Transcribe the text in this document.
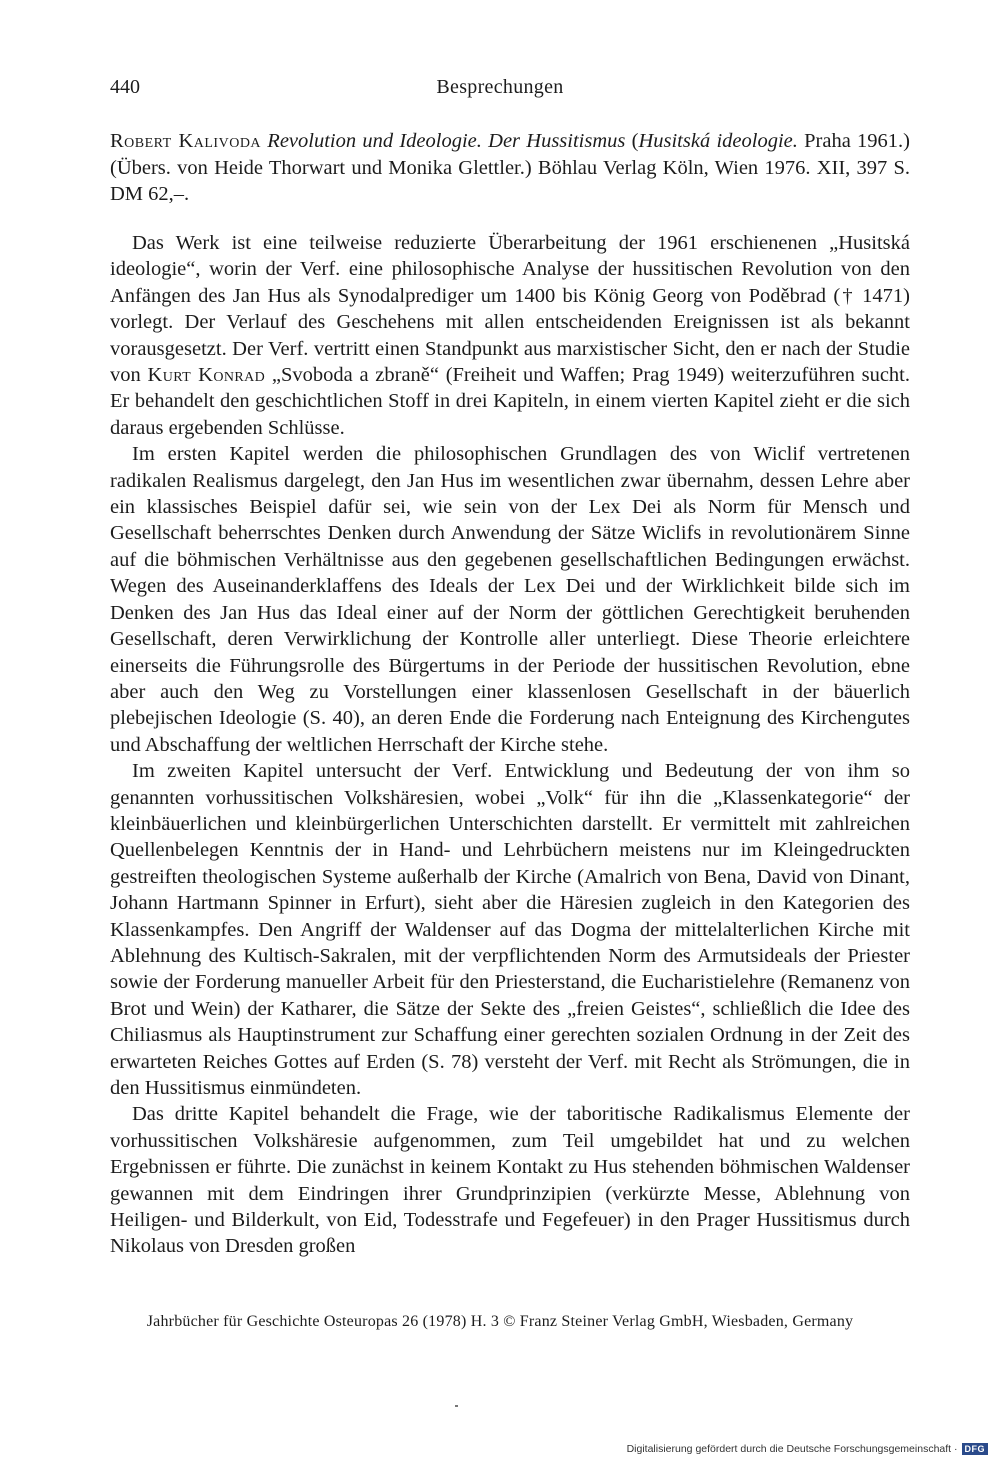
440	Besprechungen
Robert Kalivoda Revolution und Ideologie. Der Hussitismus (Husitská ideologie. Praha 1961.) (Übers. von Heide Thorwart und Monika Glettler.) Böhlau Verlag Köln, Wien 1976. XII, 397 S. DM 62,–.

Das Werk ist eine teilweise reduzierte Überarbeitung der 1961 erschienenen „Husitská ideologie“, worin der Verf. eine philosophische Analyse der hussitischen Revolution von den Anfängen des Jan Hus als Synodalprediger um 1400 bis König Georg von Poděbrad († 1471) vorlegt. Der Verlauf des Geschehens mit allen entscheidenden Ereignissen ist als bekannt vorausgesetzt. Der Verf. vertritt einen Standpunkt aus marxistischer Sicht, den er nach der Studie von Kurt Konrad „Svoboda a zbraně“ (Freiheit und Waffen; Prag 1949) weiterzuführen sucht. Er behandelt den geschichtlichen Stoff in drei Kapiteln, in einem vierten Kapitel zieht er die sich daraus ergebenden Schlüsse.

Im ersten Kapitel werden die philosophischen Grundlagen des von Wiclif vertretenen radikalen Realismus dargelegt, den Jan Hus im wesentlichen zwar übernahm, dessen Lehre aber ein klassisches Beispiel dafür sei, wie sein von der Lex Dei als Norm für Mensch und Gesellschaft beherrschtes Denken durch Anwendung der Sätze Wiclifs in revolutionärem Sinne auf die böhmischen Verhältnisse aus den gegebenen gesellschaftlichen Bedingungen erwächst. Wegen des Auseinanderklaffens des Ideals der Lex Dei und der Wirklichkeit bilde sich im Denken des Jan Hus das Ideal einer auf der Norm der göttlichen Gerechtigkeit beruhenden Gesellschaft, deren Verwirklichung der Kontrolle aller unterliegt. Diese Theorie erleichtere einerseits die Führungsrolle des Bürgertums in der Periode der hussitischen Revolution, ebne aber auch den Weg zu Vorstellungen einer klassenlosen Gesellschaft in der bäuerlich plebejischen Ideologie (S. 40), an deren Ende die Forderung nach Enteignung des Kirchengutes und Abschaffung der weltlichen Herrschaft der Kirche stehe.

Im zweiten Kapitel untersucht der Verf. Entwicklung und Bedeutung der von ihm so genannten vorhussitischen Volkshäresien, wobei „Volk“ für ihn die „Klassenkategorie“ der kleinbäuerlichen und kleinbürgerlichen Unterschichten darstellt. Er vermittelt mit zahlreichen Quellenbelegen Kenntnis der in Hand- und Lehrbüchern meistens nur im Kleingedruckten gestreiften theologischen Systeme außerhalb der Kirche (Amalrich von Bena, David von Dinant, Johann Hartmann Spinner in Erfurt), sieht aber die Häresien zugleich in den Kategorien des Klassenkampfes. Den Angriff der Waldenser auf das Dogma der mittelalterlichen Kirche mit Ablehnung des Kultisch-Sakralen, mit der verpflichtenden Norm des Armutsideals der Priester sowie der Forderung manueller Arbeit für den Priesterstand, die Eucharistielehre (Remanenz von Brot und Wein) der Katharer, die Sätze der Sekte des „freien Geistes“, schließlich die Idee des Chiliasmus als Hauptinstrument zur Schaffung einer gerechten sozialen Ordnung in der Zeit des erwarteten Reiches Gottes auf Erden (S. 78) versteht der Verf. mit Recht als Strömungen, die in den Hussitismus einmündeten.

Das dritte Kapitel behandelt die Frage, wie der taboritische Radikalismus Elemente der vorhussitischen Volkshäresie aufgenommen, zum Teil umgebildet hat und zu welchen Ergebnissen er führte. Die zunächst in keinem Kontakt zu Hus stehenden böhmischen Waldenser gewannen mit dem Eindringen ihrer Grundprinzipien (verkürzte Messe, Ablehnung von Heiligen- und Bilderkult, von Eid, Todesstrafe und Fegefeuer) in den Prager Hussitismus durch Nikolaus von Dresden großen

Jahrbücher für Geschichte Osteuropas 26 (1978) H. 3 © Franz Steiner Verlag GmbH, Wiesbaden, Germany
Digitalisierung gefördert durch die Deutsche Forschungsgemeinschaft · DFG
